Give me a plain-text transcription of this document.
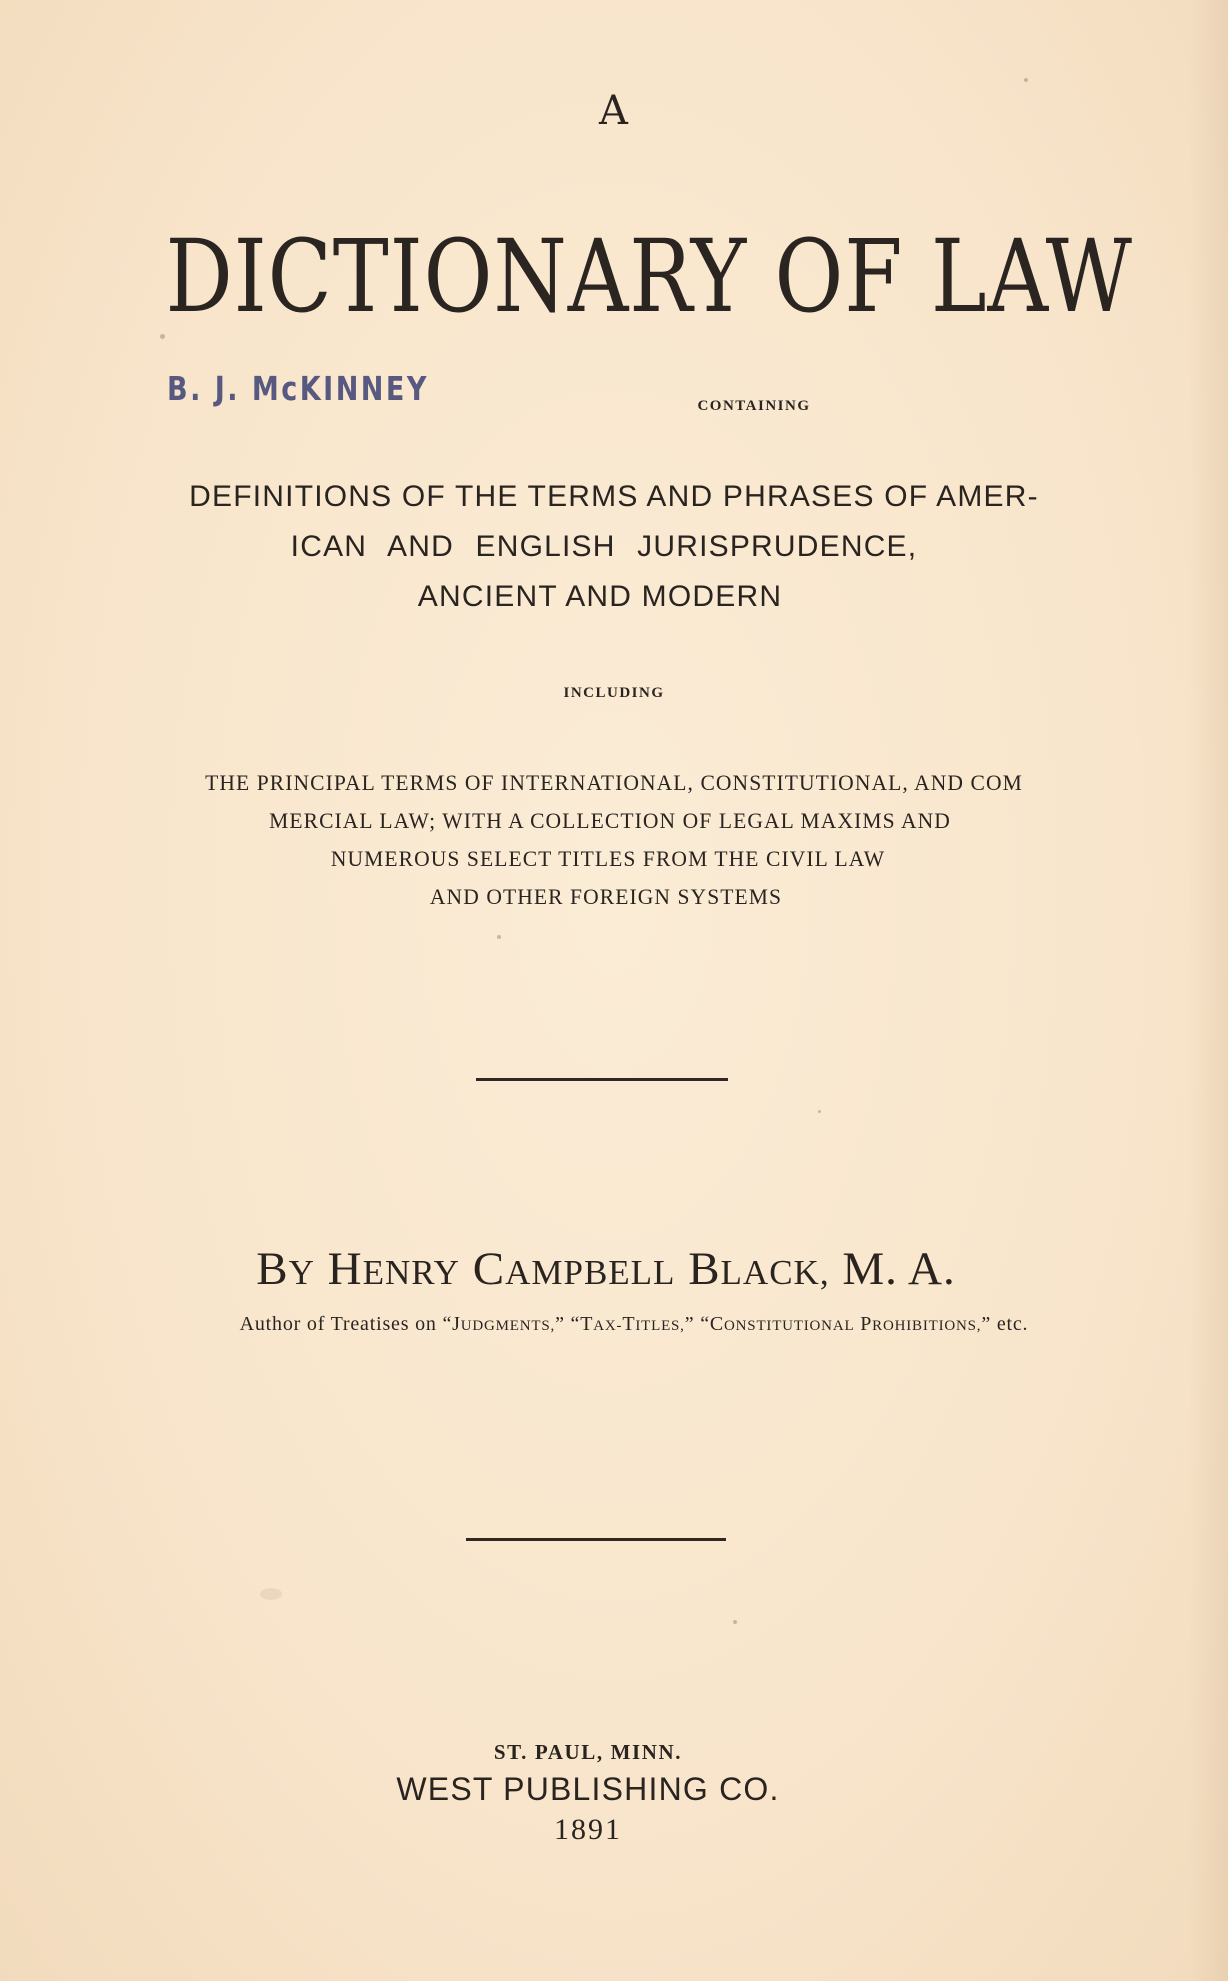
A
DICTIONARY OF LAW
B. J. McKINNEY	CONTAINING
DEFINITIONS OF THE TERMS AND PHRASES OF AMER-
ICAN AND ENGLISH JURISPRUDENCE,
ANCIENT AND MODERN
INCLUDING
THE PRINCIPAL TERMS OF INTERNATIONAL, CONSTITUTIONAL, AND COM
MERCIAL LAW; WITH A COLLECTION OF LEGAL MAXIMS AND
NUMEROUS SELECT TITLES FROM THE CIVIL LAW
AND OTHER FOREIGN SYSTEMS
BY HENRY CAMPBELL BLACK, M. A.
Author of Treatises on “JUDGMENTS,” “TAX-TITLES,” “CONSTITUTIONAL PROHIBITIONS,” etc.
ST. PAUL, MINN.
WEST PUBLISHING CO.
1891
